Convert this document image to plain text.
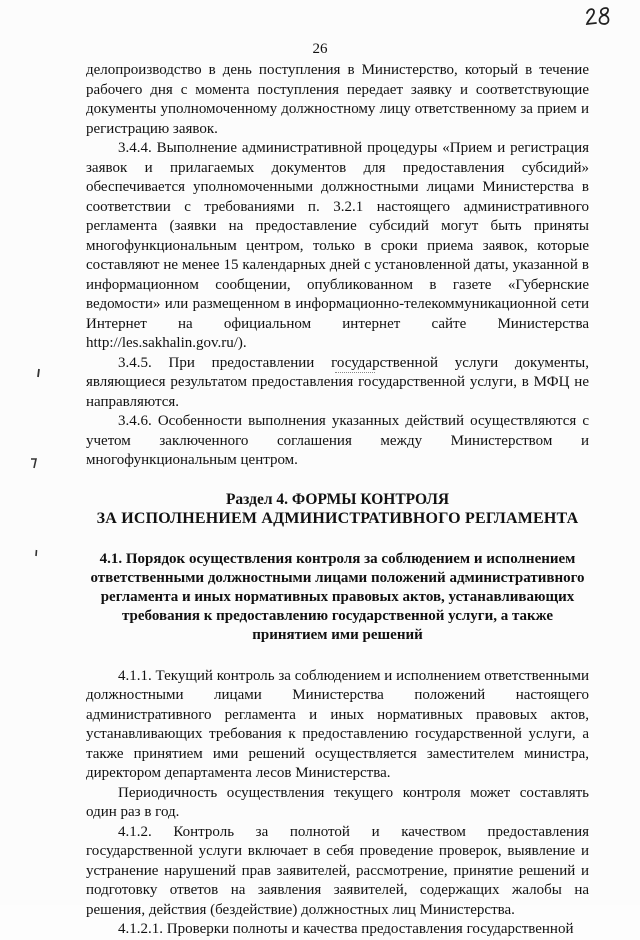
26

делопроизводство в день поступления в Министерство, который в течение рабочего дня с момента поступления передает заявку и соответствующие документы уполномоченному должностному лицу ответственному за прием и регистрацию заявок.

3.4.4. Выполнение административной процедуры «Прием и регистрация заявок и прилагаемых документов для предоставления субсидий» обеспечивается уполномоченными должностными лицами Министерства в соответствии с требованиями п. 3.2.1 настоящего административного регламента (заявки на предоставление субсидий могут быть приняты многофункциональным центром, только в сроки приема заявок, которые составляют не менее 15 календарных дней с установленной даты, указанной в информационном сообщении, опубликованном в газете «Губернские ведомости» или размещенном в информационно-телекоммуникационной сети Интернет на официальном интернет сайте Министерства http://les.sakhalin.gov.ru/).

3.4.5. При предоставлении государственной услуги документы, являющиеся результатом предоставления государственной услуги, в МФЦ не направляются.

3.4.6. Особенности выполнения указанных действий осуществляются с учетом заключенного соглашения между Министерством и многофункциональным центром.

Раздел 4. ФОРМЫ КОНТРОЛЯ
ЗА ИСПОЛНЕНИЕМ АДМИНИСТРАТИВНОГО РЕГЛАМЕНТА
4.1. Порядок осуществления контроля за соблюдением и исполнением ответственными должностными лицами положений административного регламента и иных нормативных правовых актов, устанавливающих требования к предоставлению государственной услуги, а также принятием ими решений

4.1.1. Текущий контроль за соблюдением и исполнением ответственными должностными лицами Министерства положений настоящего административного регламента и иных нормативных правовых актов, устанавливающих требования к предоставлению государственной услуги, а также принятием ими решений осуществляется заместителем министра, директором департамента лесов Министерства.

Периодичность осуществления текущего контроля может составлять один раз в год.

4.1.2. Контроль за полнотой и качеством предоставления государственной услуги включает в себя проведение проверок, выявление и устранение нарушений прав заявителей, рассмотрение, принятие решений и подготовку ответов на заявления заявителей, содержащих жалобы на решения, действия (бездействие) должностных лиц Министерства.

4.1.2.1. Проверки полноты и качества предоставления государственной
